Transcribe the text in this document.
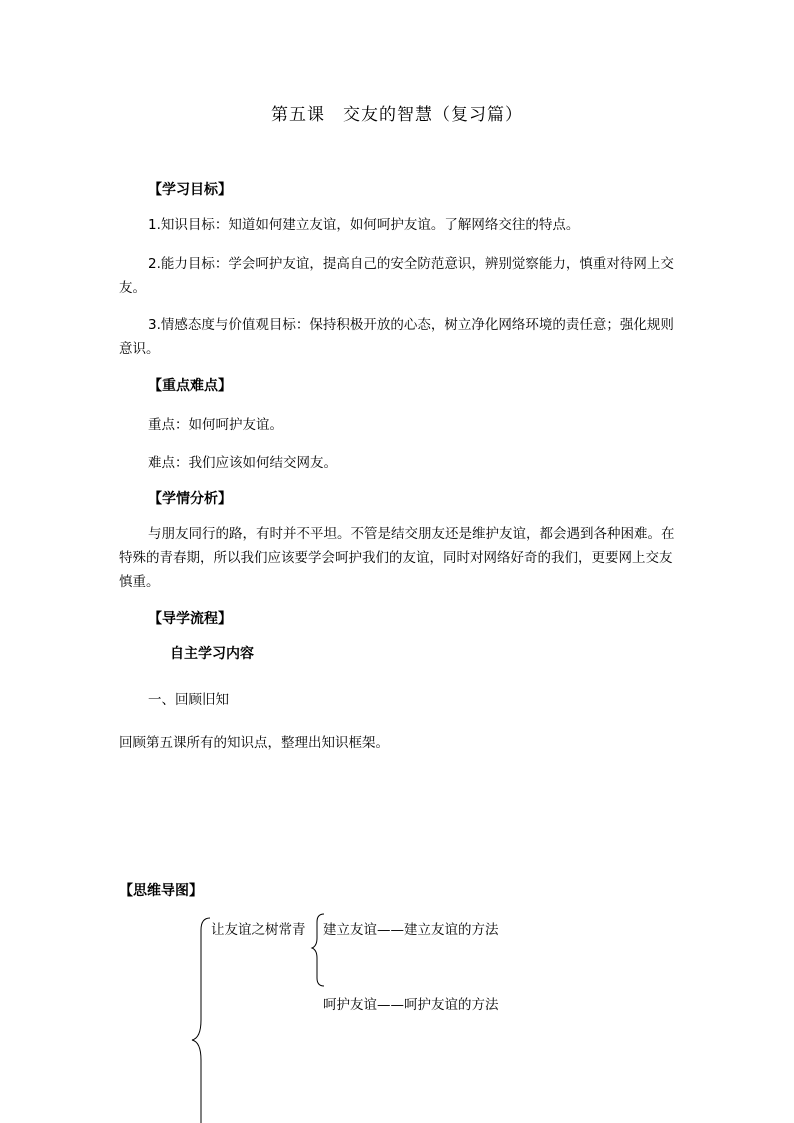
第五课　交友的智慧（复习篇）
【学习目标】
1.知识目标：知道如何建立友谊，如何呵护友谊。了解网络交往的特点。
2.能力目标：学会呵护友谊，提高自己的安全防范意识，辨别觉察能力，慎重对待网上交友。
3.情感态度与价值观目标：保持积极开放的心态，树立净化网络环境的责任意；强化规则意识。
【重点难点】
重点：如何呵护友谊。
难点：我们应该如何结交网友。
【学情分析】
与朋友同行的路，有时并不平坦。不管是结交朋友还是维护友谊，都会遇到各种困难。在特殊的青春期，所以我们应该要学会呵护我们的友谊，同时对网络好奇的我们，更要网上交友慎重。
【导学流程】
自主学习内容
一、回顾旧知
回顾第五课所有的知识点，整理出知识框架。
【思维导图】
让友谊之树常青 建立友谊——建立友谊的方法
呵护友谊——呵护友谊的方法
